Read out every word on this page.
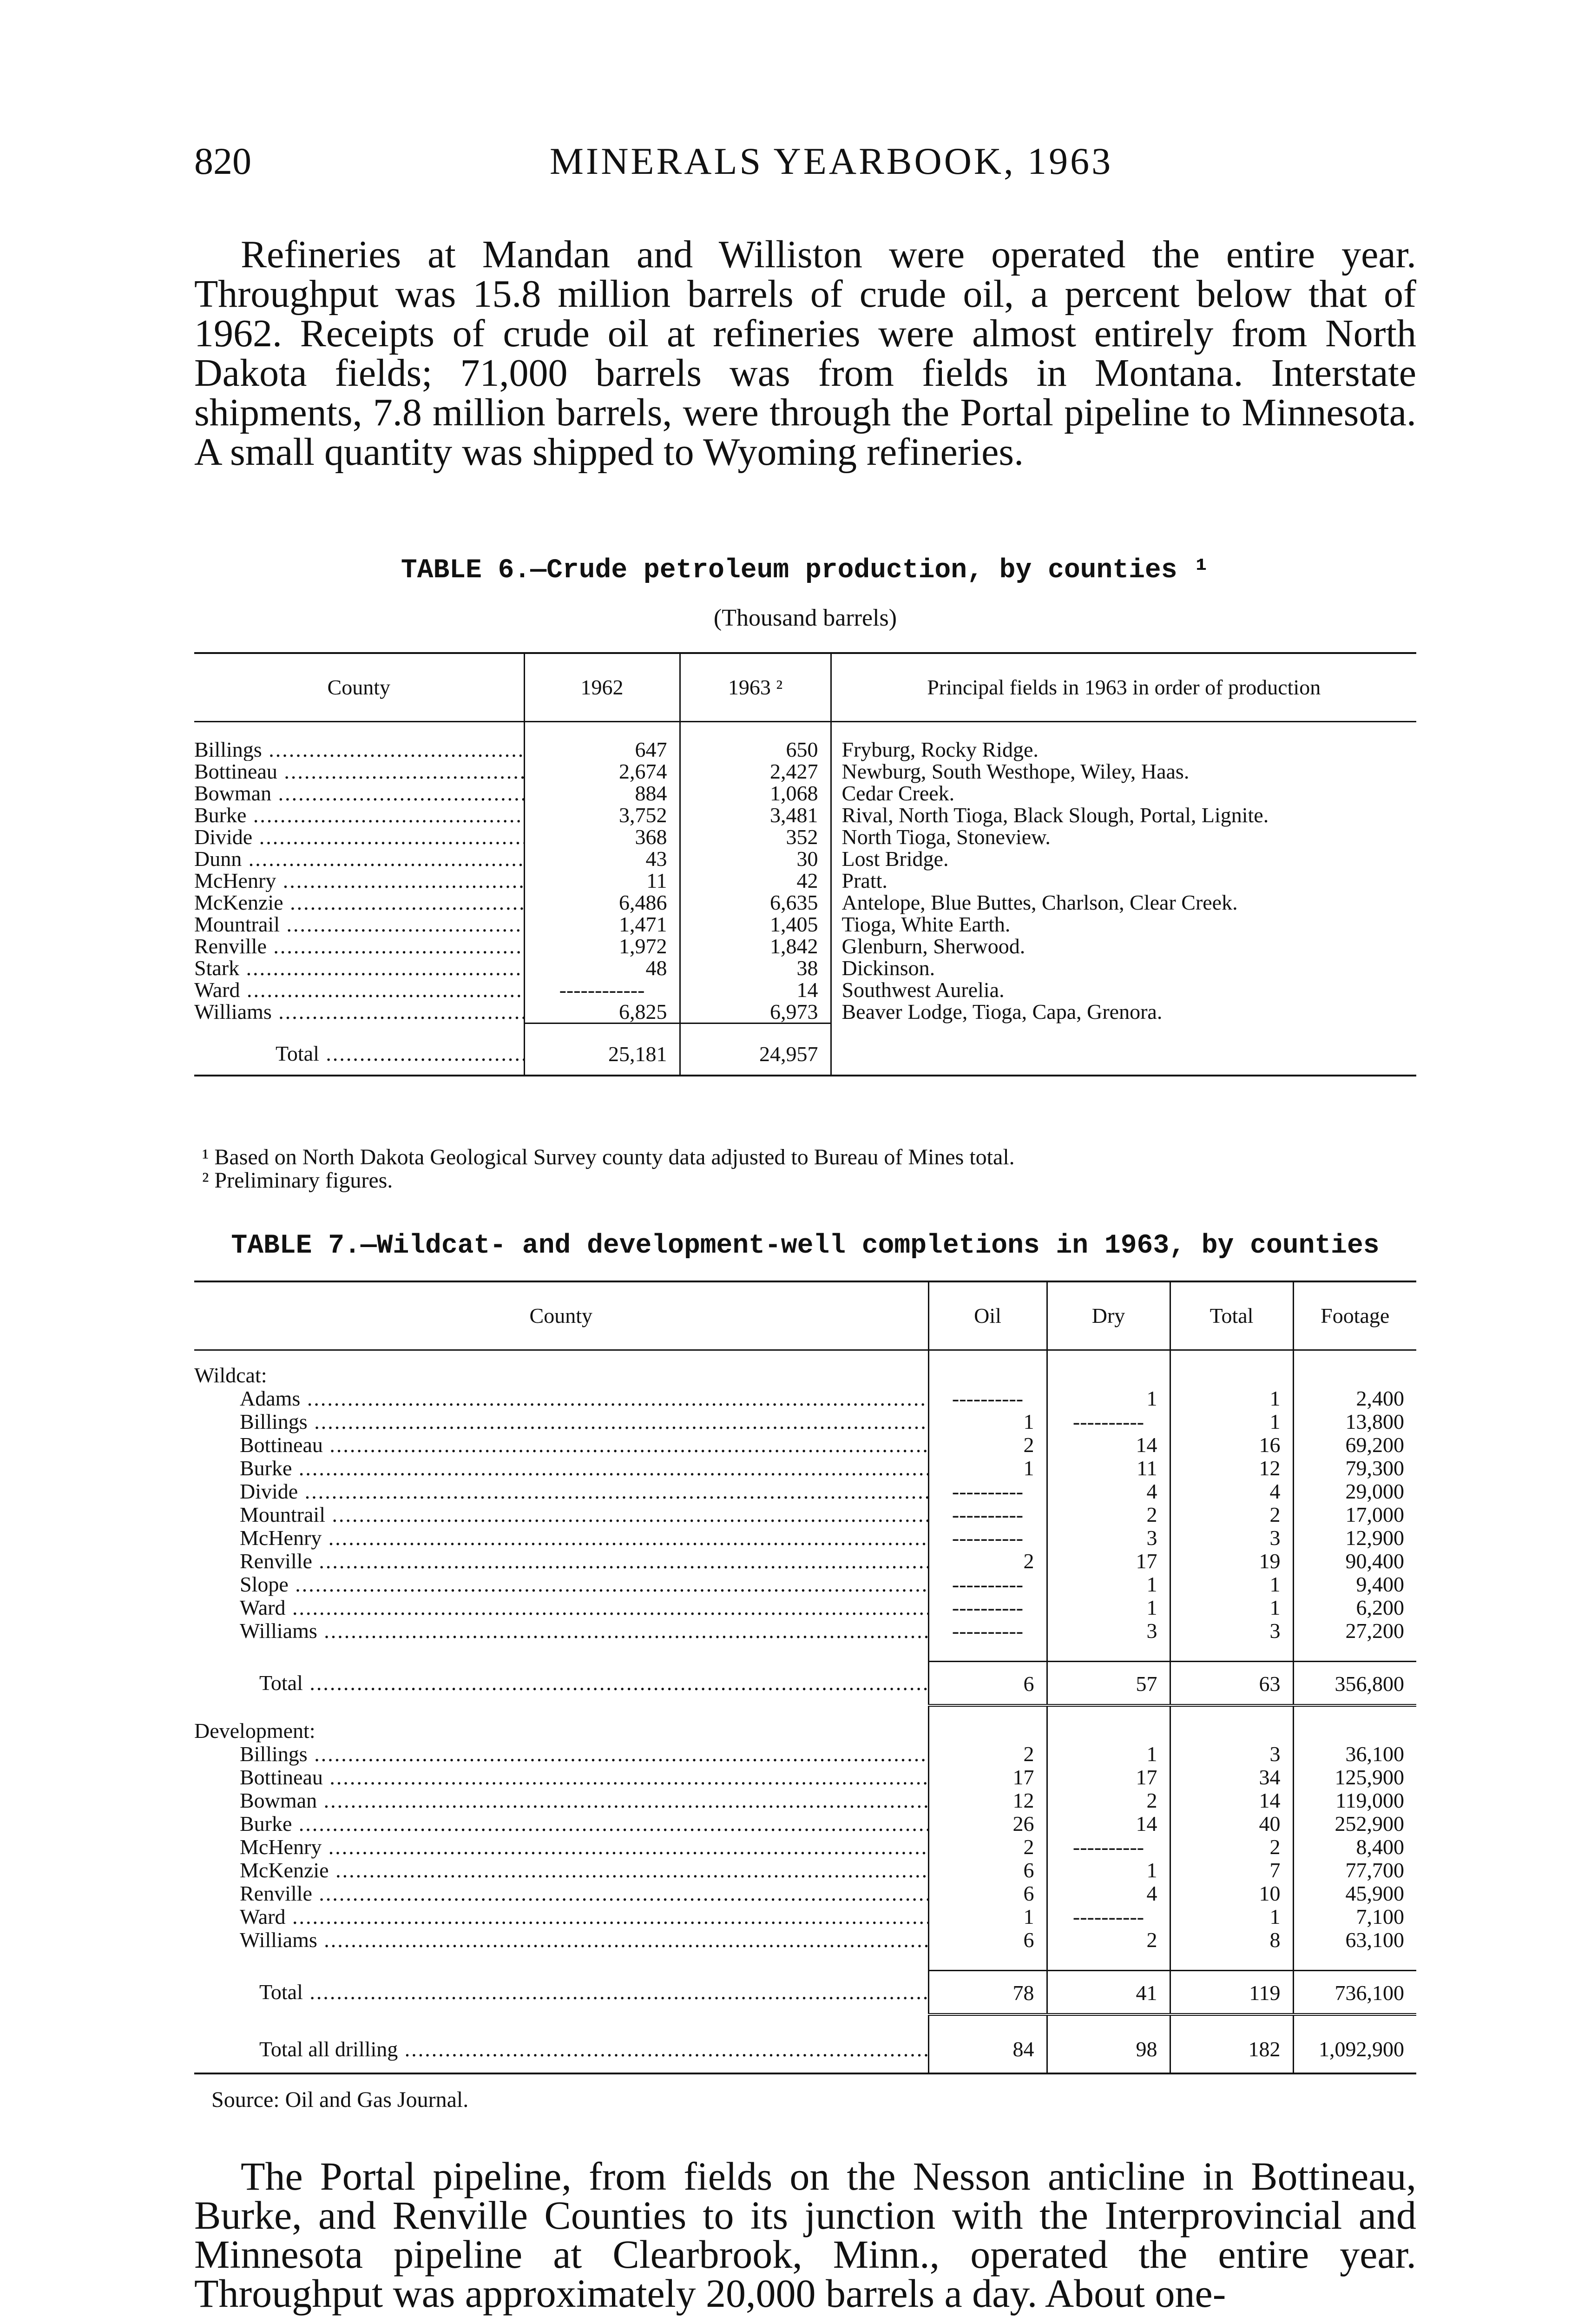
820	MINERALS YEARBOOK, 1963

Refineries at Mandan and Williston were operated the entire year. Throughput was 15.8 million barrels of crude oil, a percent below that of 1962. Receipts of crude oil at refineries were almost entirely from North Dakota fields; 71,000 barrels was from fields in Montana. Interstate shipments, 7.8 million barrels, were through the Portal pipeline to Minnesota. A small quantity was shipped to Wyoming refineries.

TABLE 6.—Crude petroleum production, by counties ¹
(Thousand barrels)
County	1962	1963 ²	Principal fields in 1963 in order of production

Billings .....	647	650	Fryburg, Rocky Ridge.
Bottineau .....	2,674	2,427	Newburg, South Westhope, Wiley, Haas.
Bowman .....	884	1,068	Cedar Creek.
Burke .....	3,752	3,481	Rival, North Tioga, Black Slough, Portal, Lignite.
Divide .....	368	352	North Tioga, Stoneview.
Dunn .....	43	30	Lost Bridge.
McHenry .....	11	42	Pratt.
McKenzie .....	6,486	6,635	Antelope, Blue Buttes, Charlson, Clear Creek.
Mountrail .....	1,471	1,405	Tioga, White Earth.
Renville .....	1,972	1,842	Glenburn, Sherwood.
Stark .....	48	38	Dickinson.
Ward .....	------------	14	Southwest Aurelia.
Williams .....	6,825	6,973	Beaver Lodge, Tioga, Capa, Grenora.
Total .....	25,181	24,957	
¹ Based on North Dakota Geological Survey county data adjusted to Bureau of Mines total.
² Preliminary figures.
TABLE 7.—Wildcat- and development-well completions in 1963, by counties
County	Oil	Dry	Total	Footage

Wildcat:				
Adams .....	----------	1	1	2,400
Billings .....	1	----------	1	13,800
Bottineau .....	2	14	16	69,200
Burke .....	1	11	12	79,300
Divide .....	----------	4	4	29,000
Mountrail .....	----------	2	2	17,000
McHenry .....	----------	3	3	12,900
Renville .....	2	17	19	90,400
Slope .....	----------	1	1	9,400
Ward .....	----------	1	1	6,200
Williams .....	----------	3	3	27,200

Total .....	6	57	63	356,800

Development:				
Billings .....	2	1	3	36,100
Bottineau .....	17	17	34	125,900
Bowman .....	12	2	14	119,000
Burke .....	26	14	40	252,900
McHenry .....	2	----------	2	8,400
McKenzie .....	6	1	7	77,700
Renville .....	6	4	10	45,900
Ward .....	1	----------	1	7,100
Williams .....	6	2	8	63,100

Total .....	78	41	119	736,100

Total all drilling .....	84	98	182	1,092,900
Source: Oil and Gas Journal.

The Portal pipeline, from fields on the Nesson anticline in Bottineau, Burke, and Renville Counties to its junction with the Interprovincial and Minnesota pipeline at Clearbrook, Minn., operated the entire year. Throughput was approximately 20,000 barrels a day. About one-
